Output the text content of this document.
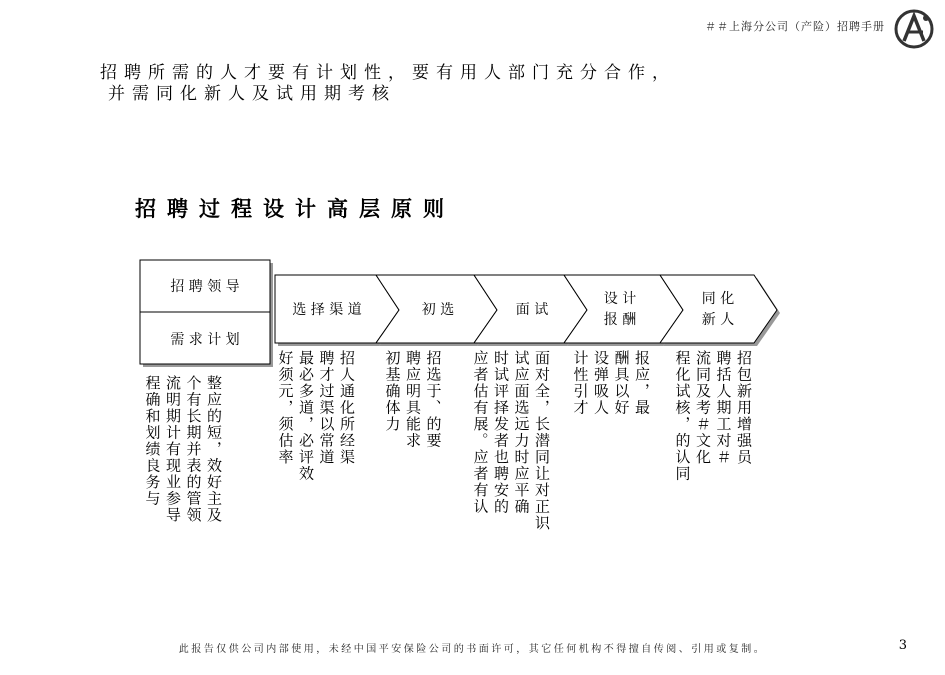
＃＃上海分公司（产险）招聘手册
招聘所需的人才要有计划性，要有用人部门充分合作，
并需同化新人及试用期考核
招聘过程设计高层原则
招 聘 领 导
需 求 计 划
选 择 渠 道	初 选	面 试
设 计
报 酬
同 化
新 人
整应的短，效好主及
个有长期并表的管领
流明期计有现业参导
程确和划绩良务与	招人通化所经渠
聘才过渠以常道
最必多道，必评效
好须元，须估率	招选于、的要
聘应明具能求
初基确体力	面对全，长潜同让对正识
试应面选远力时应平确
时试评择发者也聘安的
应者估有展。应者有认	报应，最
酬具以好
设弹吸人
计性引才	招包新用增强员
聘括人期工对＃
流同及考＃文化
程化试核，的认同
此报告仅供公司内部使用，未经中国平安保险公司的书面许可，其它任何机构不得擅自传阅、引用或复制。	3
